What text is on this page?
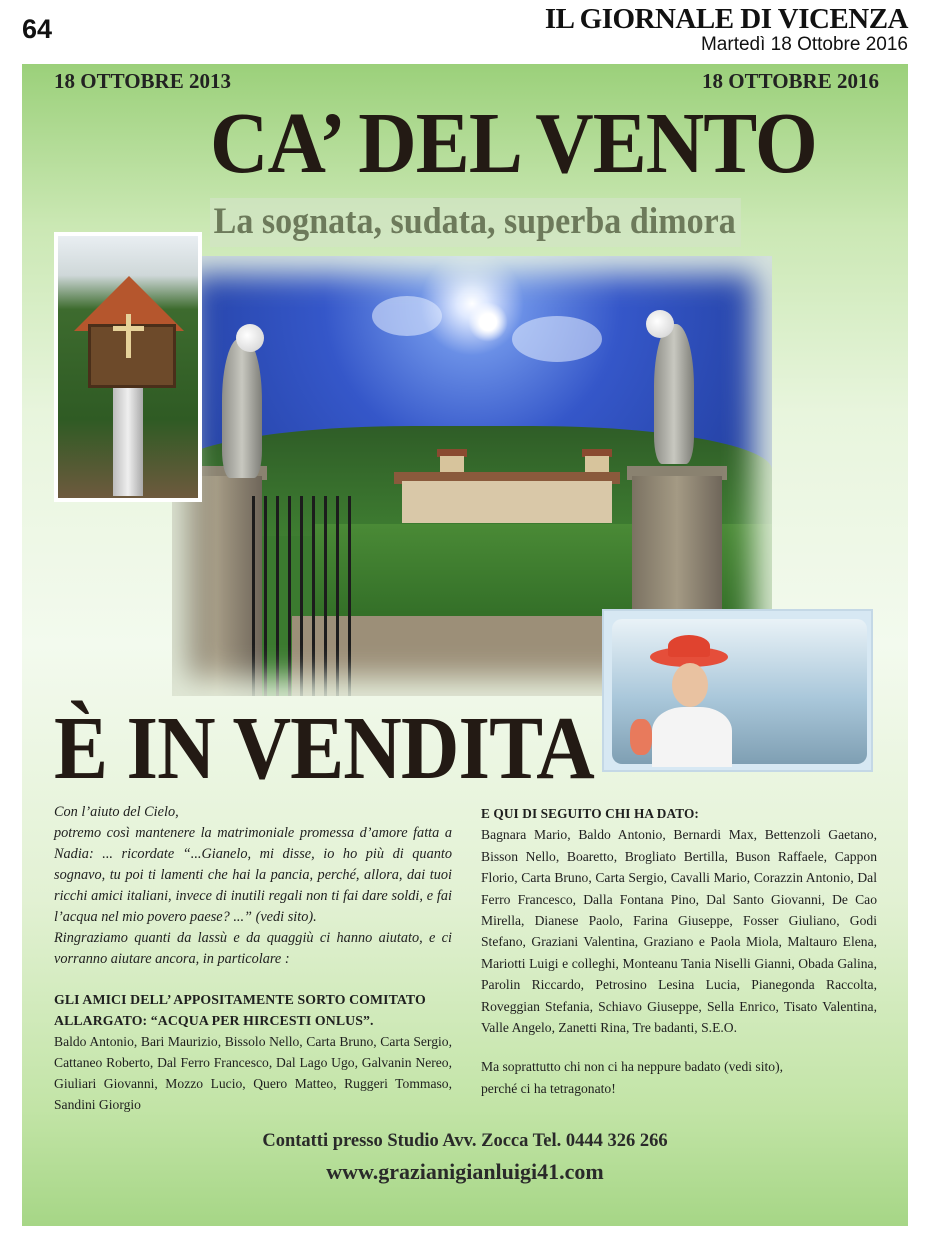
64	IL GIORNALE DI VICENZA
Martedì 18 Ottobre 2016
18 OTTOBRE 2013	18 OTTOBRE 2016
CA’ DEL VENTO
La sognata, sudata, superba dimora
È IN VENDITA

Con l’aiuto del Cielo,

potremo così mantenere la matrimoniale promessa d’amore fatta a Nadia: ... ricordate “...Gianelo, mi disse, io ho più di quanto sognavo, tu poi ti lamenti che hai la pancia, perché, allora, dai tuoi ricchi amici italiani, invece di inutili regali non ti fai dare soldi, e fai l’acqua nel mio povero paese? ...” (vedi sito).

Ringraziamo quanti da lassù e da quaggiù ci hanno aiutato, e ci vorranno aiutare ancora, in particolare :

GLI AMICI DELL’ APPOSITAMENTE SORTO COMITATO ALLARGATO: “ACQUA PER HIRCESTI ONLUS”.
Baldo Antonio, Bari Maurizio, Bissolo Nello, Carta Bruno, Carta Sergio, Cattaneo Roberto, Dal Ferro Francesco, Dal Lago Ugo, Galvanin Nereo, Giuliari Giovanni, Mozzo Lucio, Quero Matteo, Ruggeri Tommaso, Sandini Giorgio
E QUI DI SEGUITO CHI HA DATO:
Bagnara Mario, Baldo Antonio, Bernardi Max, Bettenzoli Gaetano, Bisson Nello, Boaretto, Brogliato Bertilla, Buson Raffaele, Cappon Florio, Carta Bruno, Carta Sergio, Cavalli Mario, Corazzin Antonio, Dal Ferro Francesco, Dalla Fontana Pino, Dal Santo Giovanni, De Cao Mirella, Dianese Paolo, Farina Giuseppe, Fosser Giuliano, Godi Stefano, Graziani Valentina, Graziano e Paola Miola, Maltauro Elena, Mariotti Luigi e colleghi, Monteanu Tania Niselli Gianni, Obada Galina, Parolin Riccardo, Petrosino Lesina Lucia, Pianegonda Raccolta, Roveggian Stefania, Schiavo Giuseppe, Sella Enrico, Tisato Valentina, Valle Angelo, Zanetti Rina, Tre badanti, S.E.O.

Ma soprattutto chi non ci ha neppure badato (vedi sito),

perché ci ha tetragonato!

Contatti presso Studio Avv. Zocca Tel. 0444 326 266
www.grazianigianluigi41.com
